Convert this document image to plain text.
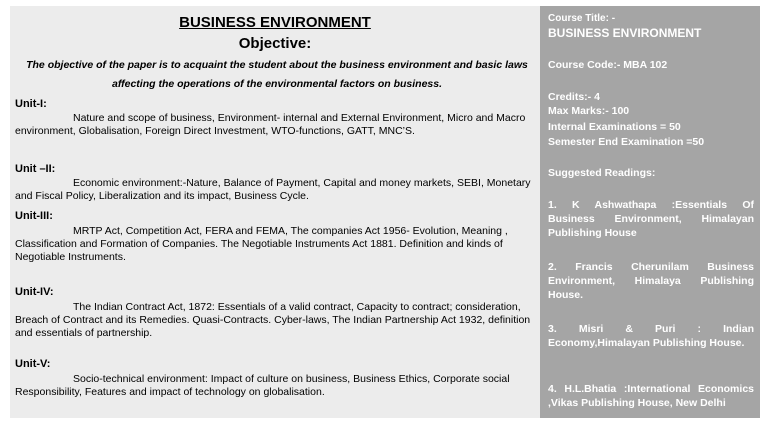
BUSINESS ENVIRONMENT
Objective:
The objective of the paper is to acquaint the student about the business environment and basic laws affecting the operations of the environmental factors on business.
Unit-I:
Nature and scope of business, Environment- internal and External Environment, Micro and Macro environment, Globalisation, Foreign Direct Investment, WTO-functions, GATT, MNC’S.
Unit –II:
Economic environment:-Nature, Balance of Payment, Capital and money markets, SEBI, Monetary and Fiscal Policy, Liberalization and its impact, Business Cycle.
Unit-III:
MRTP Act, Competition Act, FERA and FEMA, The companies Act 1956- Evolution, Meaning , Classification and Formation of Companies. The Negotiable Instruments Act 1881. Definition and kinds of Negotiable Instruments.
Unit-IV:
The Indian Contract Act, 1872: Essentials of a valid contract, Capacity to contract; consideration, Breach of Contract and its Remedies. Quasi-Contracts. Cyber-laws, The Indian Partnership Act 1932, definition and essentials of partnership.
Unit-V:
Socio-technical environment: Impact of culture on business, Business Ethics, Corporate social Responsibility, Features and impact of technology on globalisation.
Course Title: -
BUSINESS ENVIRONMENT
Course Code:- MBA 102
Credits:- 4
Max Marks:- 100
Internal Examinations = 50
Semester End Examination =50
Suggested Readings:
1. K Ashwathapa :Essentials Of Business Environment, Himalayan Publishing House
2. Francis Cherunilam Business Environment, Himalaya Publishing House.
3. Misri & Puri : Indian Economy,Himalayan Publishing House.
4. H.L.Bhatia :International Economics ,Vikas Publishing House, New Delhi
